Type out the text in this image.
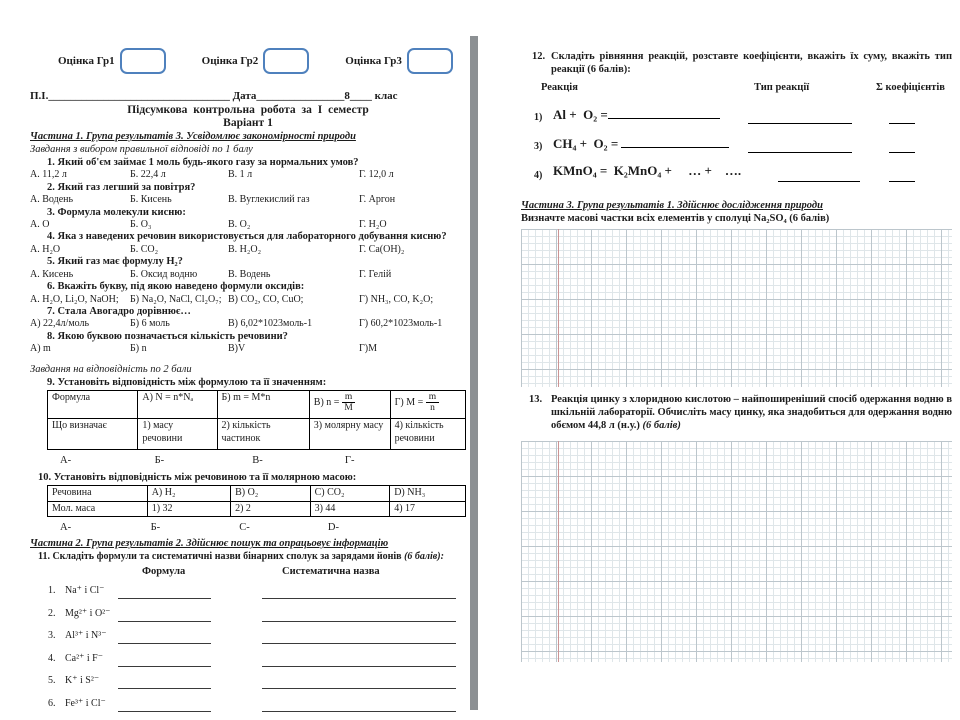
Оцінка Гр1	Оцінка Гр2	Оцінка Гр3
П.І._________________________________ Дата________________8____ клас
Підсумкова контрольна робота за I семестр
Варіант 1
Частина 1. Група результатів 3. Усвідомлює закономірності природи
Завдання з вибором правильної відповіді по 1 балу
1. Який об'єм займає 1 моль будь-якого газу за нормальних умов?
А. 11,2 л	Б. 22,4 л	В. 1 л	Г. 12,0 л
2. Який газ легший за повітря?
А. Водень	Б. Кисень	В. Вуглекислий газ	Г. Аргон
3. Формула молекули кисню:
А. O	Б. O₃	В. O₂	Г. H₂O
4. Яка з наведених речовин використовується для лабораторного добування кисню?
А. H₂O	Б. CO₂	В. H₂O₂	Г. Ca(OH)₂
5. Який газ має формулу H₂?
А. Кисень	Б. Оксид водню	В. Водень	Г. Гелій
6. Вкажіть букву, під якою наведено формули оксидів:
А. H₂O, Li₂O, NaOH;	Б) Na₂O, NaCl, Cl₂O₇; В) CO₂, CO, CuO;	Г) NH₃, CO, K₂O;
7. Стала Авогадро дорівнює…
А) 22,4л/моль	Б) 6 моль	В) 6,02*1023моль-1	Г) 60,2*1023моль-1
8. Якою буквою позначається кількість речовини?
А) m	Б) n	В)V	Г)М
Завдання на відповідність по 2 бали
9. Установіть відповідність між формулою та її значенням:
Формула	А) N = n*Nₐ	Б) m = M*n	В) $n = \frac{m}{M}$	Г) $M = \frac{m}{n}$

Що визначає	1) масу речовини	2) кількість частинок	3) молярну масу	4) кількість речовини
А-	Б-	В-	Г-
10. Установіть відповідність між речовиною та її молярною масою:
Речовина	А) H₂	В) O₂	С) CO₂	D) NH₃
Мол. маса	1) 32	2) 2	3) 44	4) 17
А-	Б-	С-	D-
Частина 2. Група результатів 2. Здійснює пошук та опрацьовує інформацію
11. Складіть формули та систематичні назви бінарних сполук за зарядами йонів (6 балів):
Формула	Систематична назва
1. Na⁺ і Cl⁻
2. Mg²⁺ і O²⁻
3. Al³⁺ і N³⁻
4. Ca²⁺ і F⁻
5. K⁺ і S²⁻
6. Fe³⁺ і Cl⁻
12. Складіть рівняння реакцій, розставте коефіцієнти, вкажіть їх суму, вкажіть тип реакції (6 балів):
Реакція	Тип реакції	Σ коефіцієнтів
1) Al +  O₂ =
3) CH₄ +  O₂ =
4) KMnO₄ =  K₂MnO₄ +     … +    ….
Частина 3. Група результатів 1. Здійснює дослідження природи
Визначте масові частки всіх елементів у сполуці Na₂SO₄ (6 балів)
13. Реакція цинку з хлоридною кислотою – найпоширеніший спосіб одержання водню в шкільній лабораторії. Обчисліть масу цинку, яка знадобиться для одержання водню обємом 44,8 л (н.у.) (6 балів)
